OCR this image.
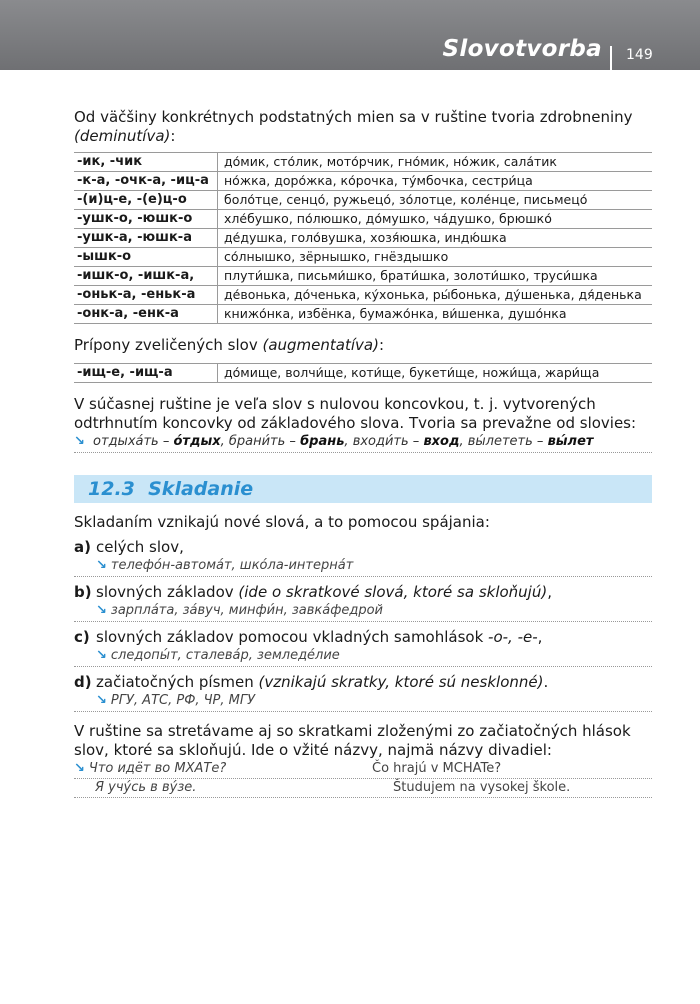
Slovotvorba 149

Od väčšiny konkrétnych podstatných mien sa v ruštine tvoria zdrobneniny (deminutíva):

-ик, -чик	до́мик, сто́лик, мото́рчик, гно́мик, но́жик, сала́тик
-к-а, -очк-а, -иц-а	но́жка, доро́жка, ко́рочка, ту́мбочка, сестри́ца
-(и)ц-е, -(е)ц-о	боло́тце, сенцо́, ружьецо́, зо́лотце, коле́нце, письмецо́
-ушк-о, -юшк-о	хле́бушко, по́люшко, до́мушко, ча́душко, брюшко́
-ушк-а, -юшк-а	де́душка, голо́вушка, хозя́юшка, индю́шка
-ышк-о	со́лнышко, зёрнышко, гнёздышко
-ишк-о, -ишк-а,	плути́шка, письми́шко, брати́шка, золоти́шко, труси́шка
-оньк-а, -еньк-а	де́вонька, до́ченька, ку́хонька, ры́бонька, ду́шенька, дя́денька
-онк-а, -енк-а	книжо́нка, избёнка, бумажо́нка, ви́шенка, душо́нка

Prípony zveličených slov (augmentatíva):

-ищ-е, -ищ-а	до́мище, волчи́ще, коти́ще, букети́ще, ножи́ща, жари́ща

V súčasnej ruštine je veľa slov s nulovou koncovkou, t. j. vytvorených odtrhnutím koncovky od základového slova. Tvoria sa prevažne od slovies:

↘ отдыха́ть – о́тдых, брани́ть – брань, входи́ть – вход, вы́лететь – вы́лет
12.3 Skladanie

Skladaním vznikajú nové slová, a to pomocou spájania:

a) celých slov,
↘ телефо́н-автома́т, шко́ла-интерна́т
b) slovných základov (ide o skratkové slová, ktoré sa skloňujú),
↘ зарпла́та, за́вуч, минфи́н, завка́федрой
c) slovných základov pomocou vkladných samohlások -o-, -e-,
↘ следопы́т, сталева́р, земледе́лие
d) začiatočných písmen (vznikajú skratky, ktoré sú nesklonné).
↘ РГУ, АТС, РФ, ЧР, МГУ

V ruštine sa stretávame aj so skratkami zloženými zo začiatočných hlások slov, ktoré sa skloňujú. Ide o vžité názvy, najmä názvy divadiel:

↘ Что идёт во МХАТе?	Čo hrajú v MCHATe?
Я учу́сь в ву́зе.	Študujem na vysokej škole.
